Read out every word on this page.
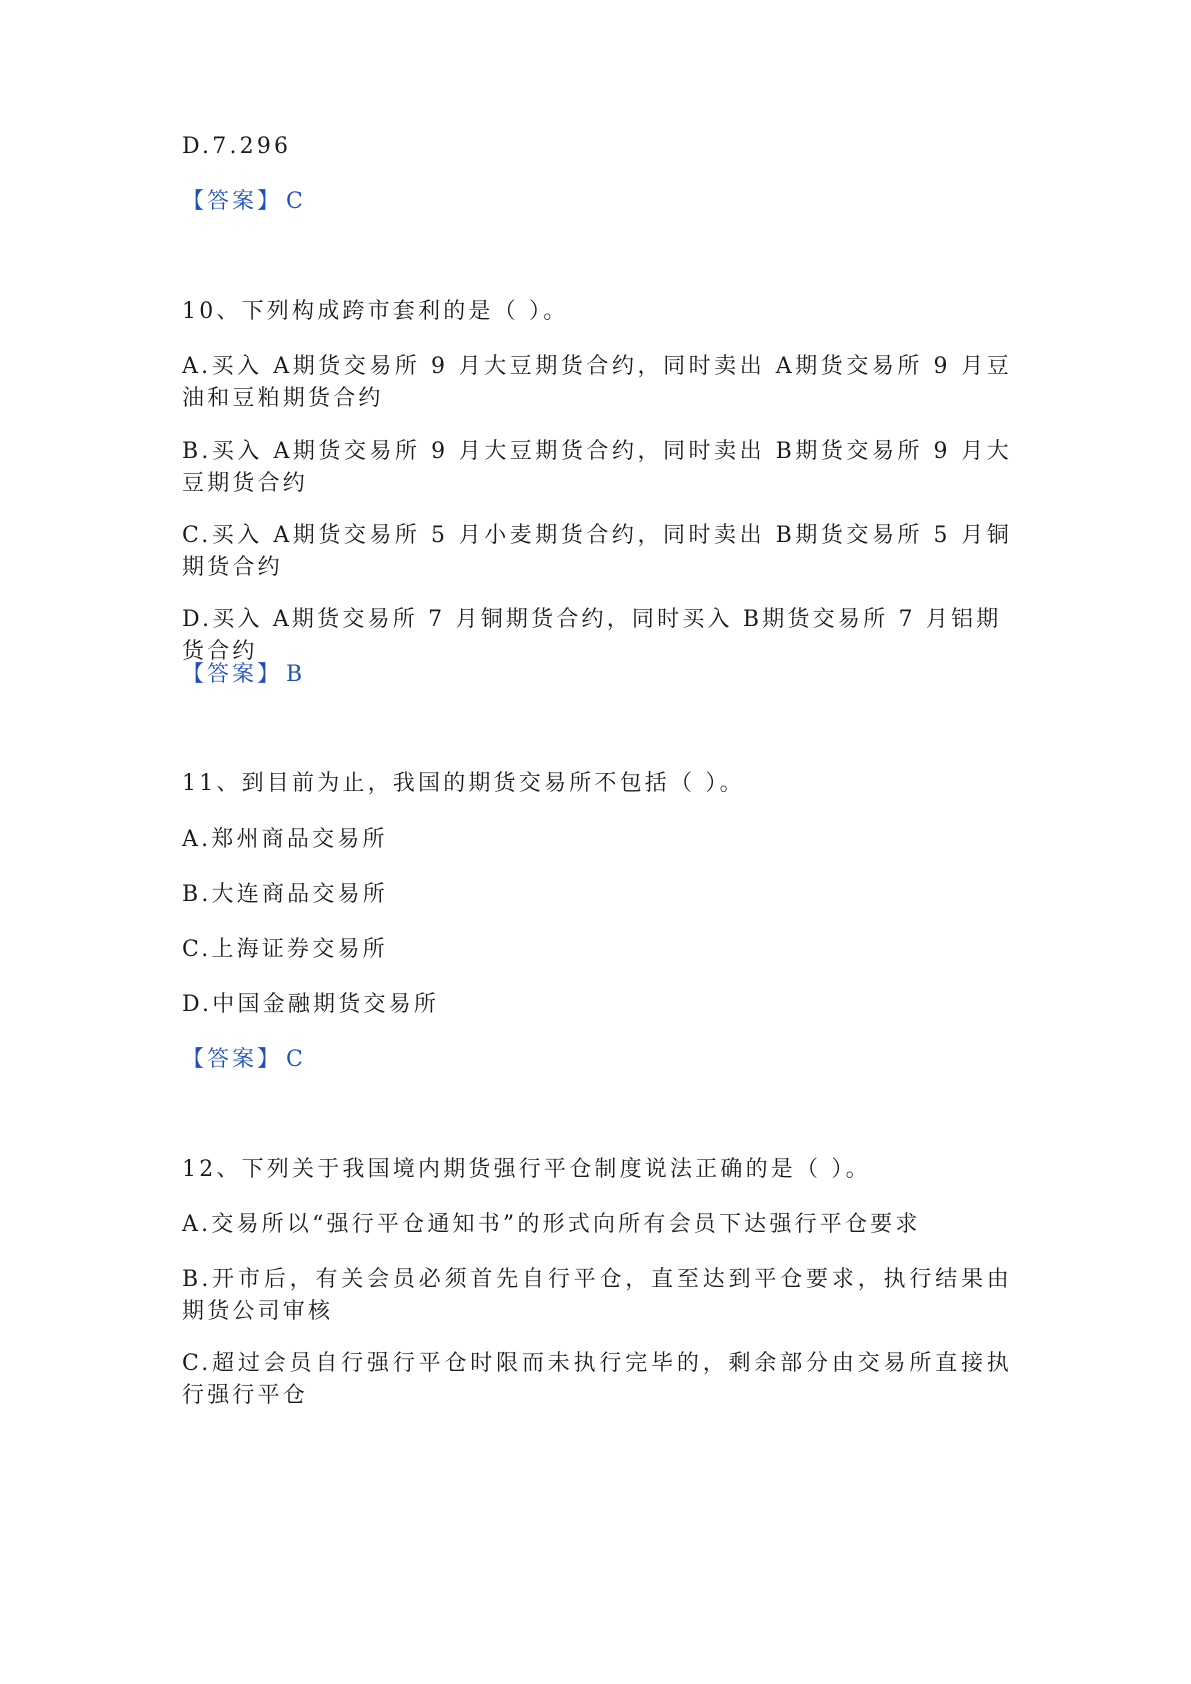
D.7.296
【答案】 C
10、下列构成跨市套利的是（ ）。
A.买入 A期货交易所 9 月大豆期货合约，同时卖出 A期货交易所 9 月豆油和豆粕期货合约
B.买入 A期货交易所 9 月大豆期货合约，同时卖出 B期货交易所 9 月大豆期货合约
C.买入 A期货交易所 5 月小麦期货合约，同时卖出 B期货交易所 5 月铜期货合约
D.买入 A期货交易所 7 月铜期货合约，同时买入 B期货交易所 7 月铝期货合约
【答案】 B
11、到目前为止，我国的期货交易所不包括（ ）。
A.郑州商品交易所
B.大连商品交易所
C.上海证券交易所
D.中国金融期货交易所
【答案】 C
12、下列关于我国境内期货强行平仓制度说法正确的是（ ）。
A.交易所以“强行平仓通知书”的形式向所有会员下达强行平仓要求
B.开市后，有关会员必须首先自行平仓，直至达到平仓要求，执行结果由期货公司审核
C.超过会员自行强行平仓时限而未执行完毕的，剩余部分由交易所直接执行强行平仓
